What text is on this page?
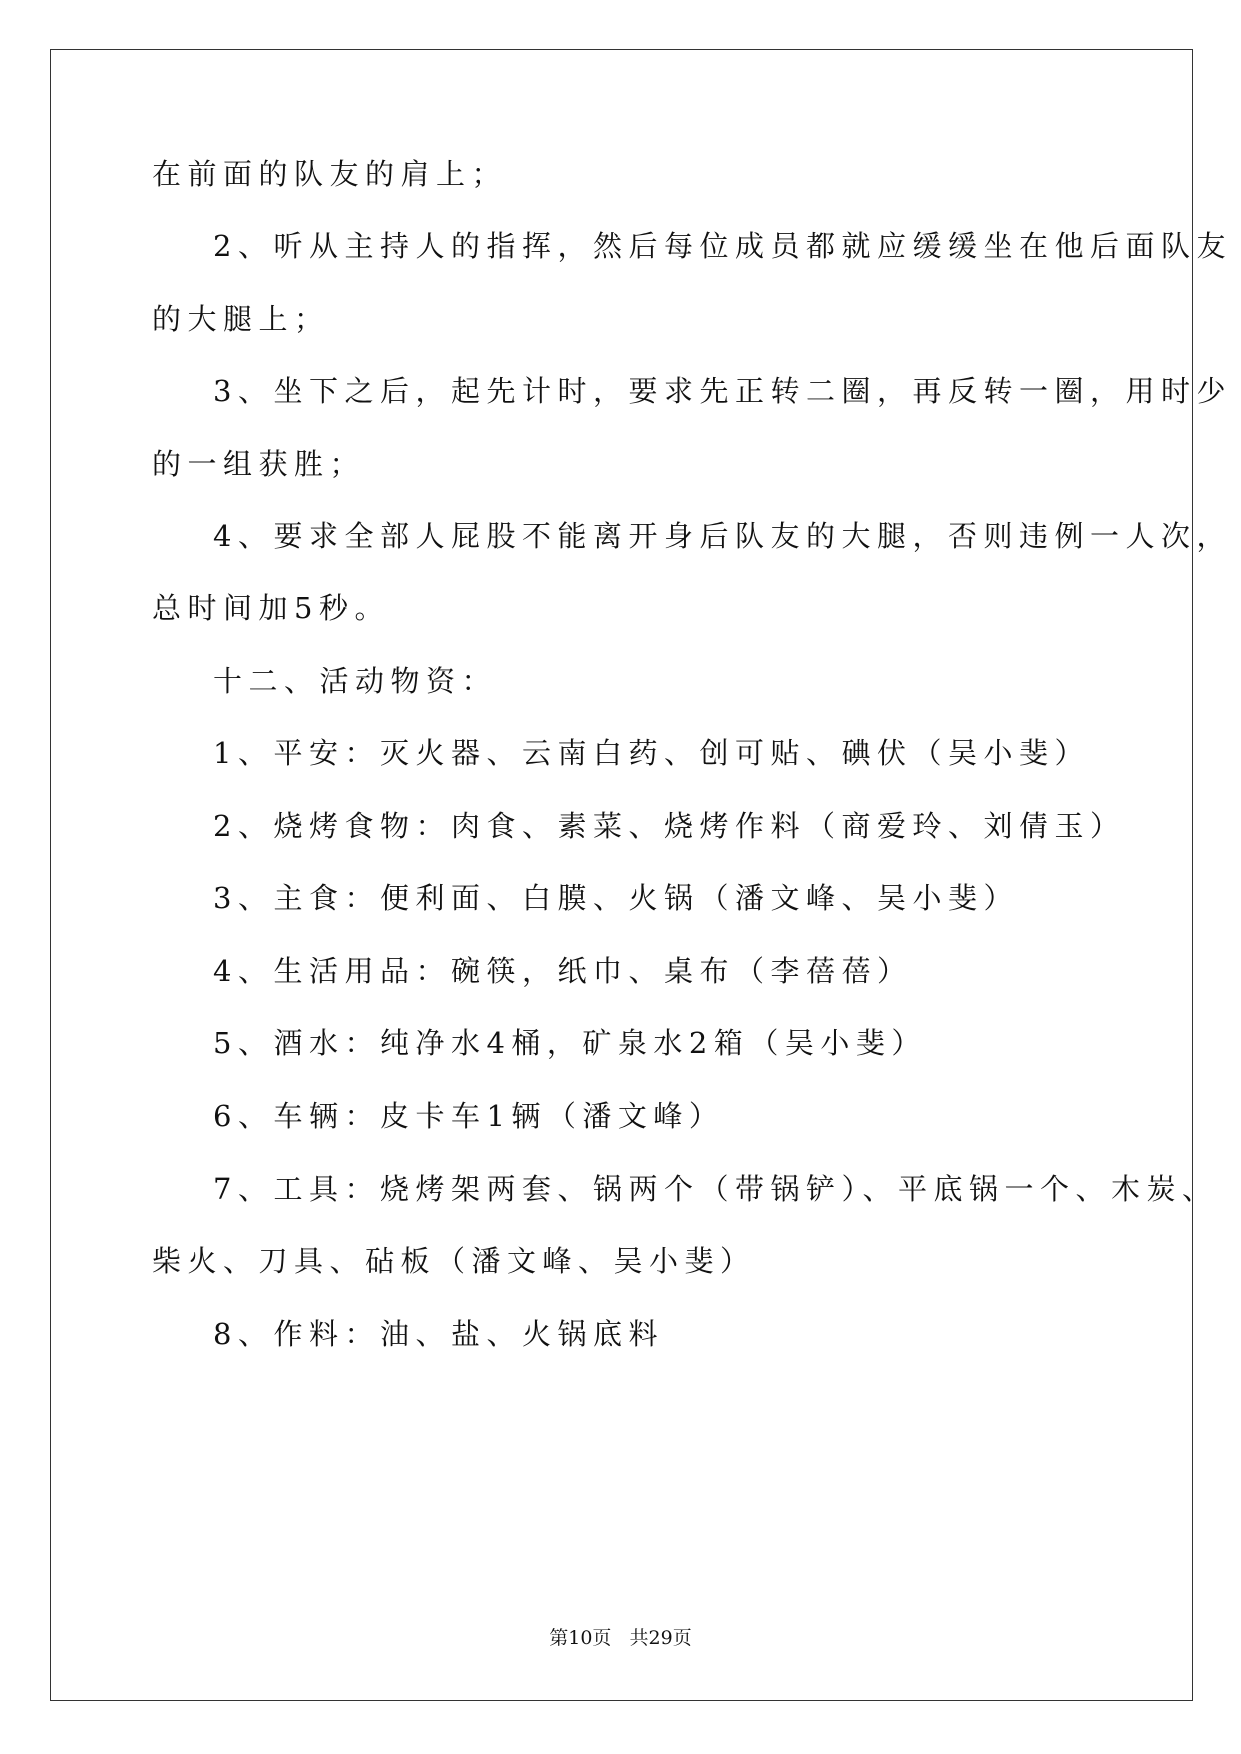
在前面的队友的肩上；
2、听从主持人的指挥，然后每位成员都就应缓缓坐在他后面队友
的大腿上；
3、坐下之后，起先计时，要求先正转二圈，再反转一圈，用时少
的一组获胜；
4、要求全部人屁股不能离开身后队友的大腿，否则违例一人次，
总时间加5秒。
十二、活动物资：
1、平安：灭火器、云南白药、创可贴、碘伏（吴小斐）
2、烧烤食物：肉食、素菜、烧烤作料（商爱玲、刘倩玉）
3、主食：便利面、白膜、火锅（潘文峰、吴小斐）
4、生活用品：碗筷，纸巾、桌布（李蓓蓓）
5、酒水：纯净水4桶，矿泉水2箱（吴小斐）
6、车辆：皮卡车1辆（潘文峰）
7、工具：烧烤架两套、锅两个（带锅铲）、平底锅一个、木炭、
柴火、刀具、砧板（潘文峰、吴小斐）
8、作料：油、盐、火锅底料
第10页   共29页
